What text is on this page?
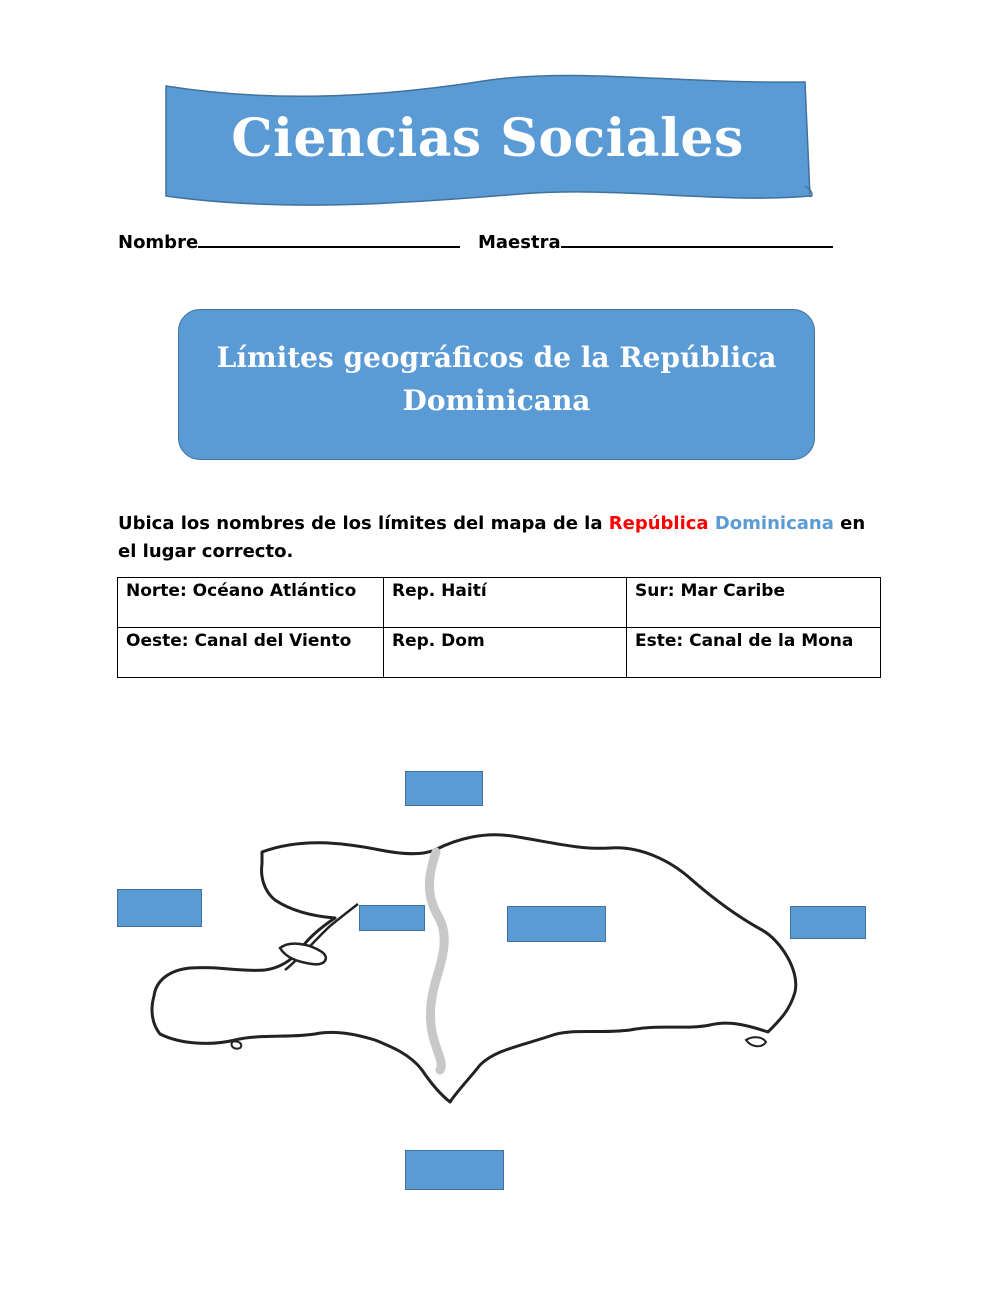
Ciencias Sociales
Nombre	Maestra
Límites geográficos de la República
Dominicana
Ubica los nombres de los límites del mapa de la República Dominicana en el lugar correcto.
Norte: Océano Atlántico	Rep. Haití	Sur: Mar Caribe
Oeste: Canal del Viento	Rep. Dom	Este: Canal de la Mona
